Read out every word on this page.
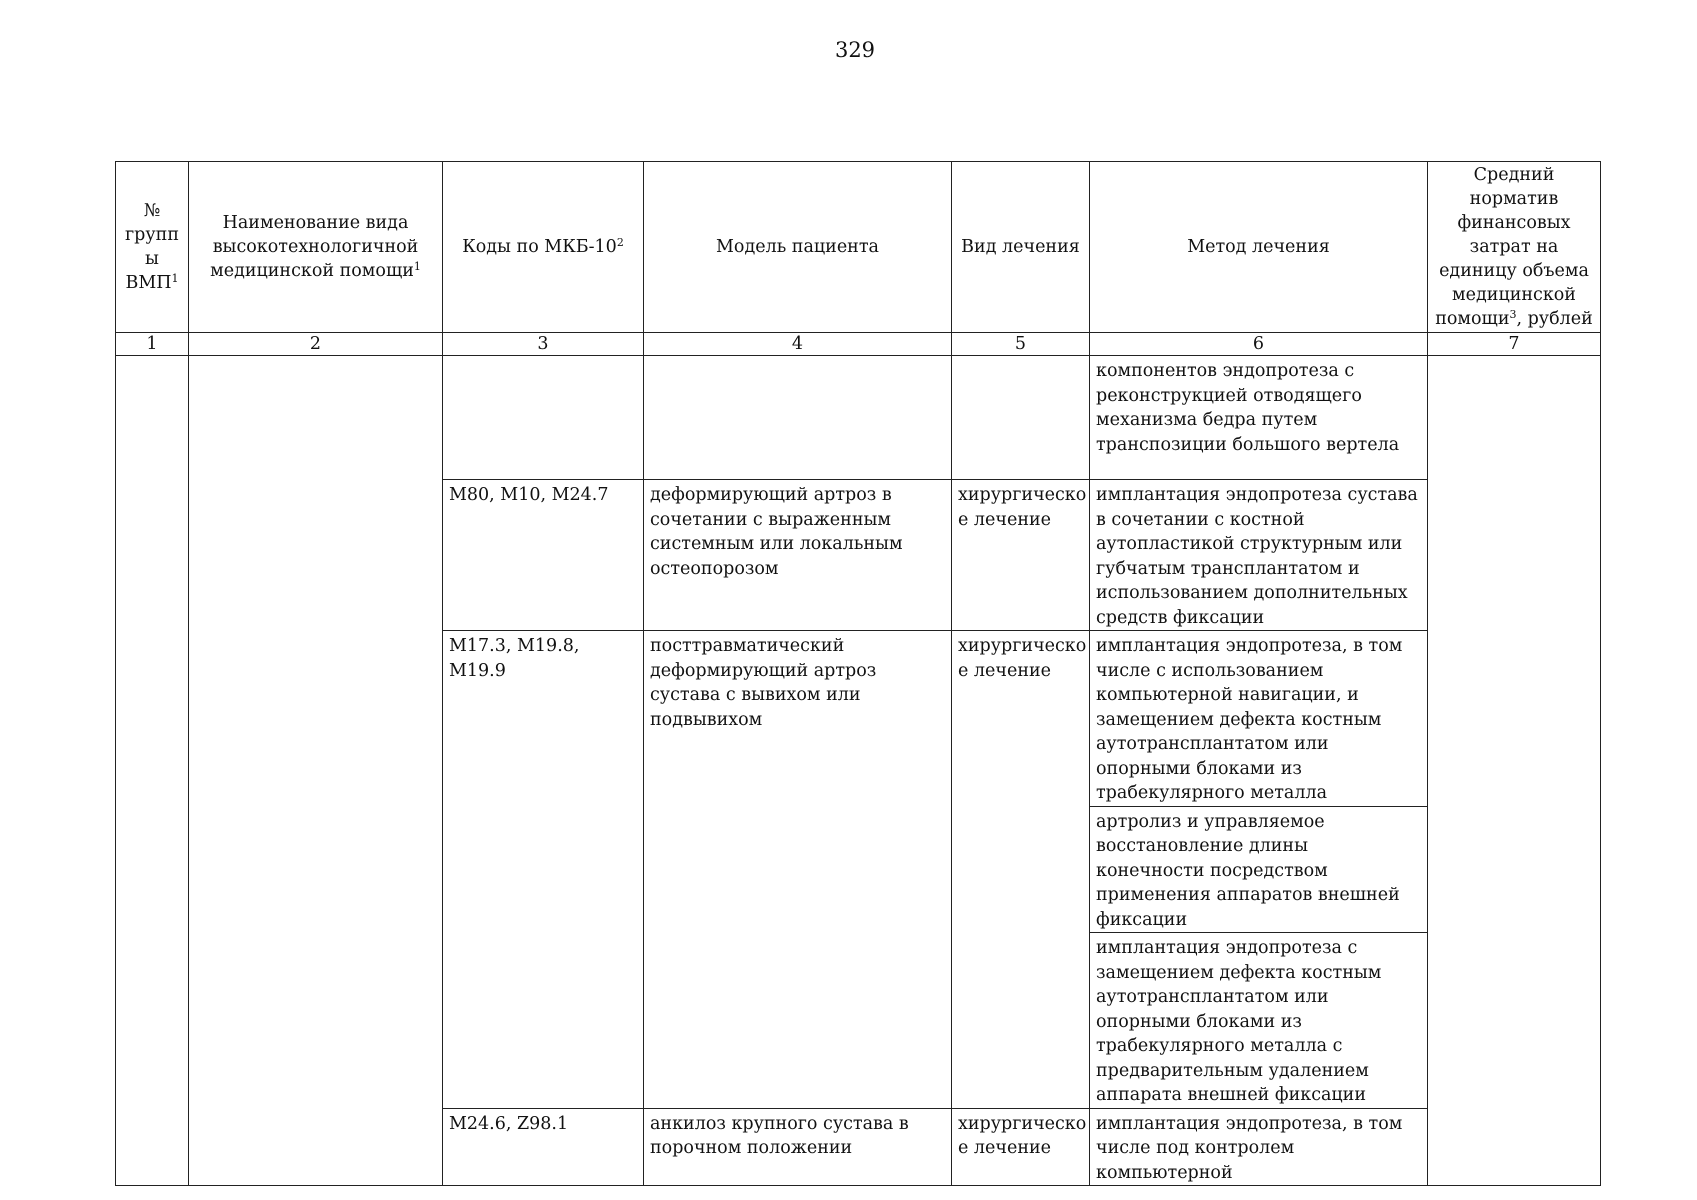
329
№ групп ы ВМП$^1$	Наименование вида высокотехнологичной медицинской помощи$^1$	Коды по МКБ-$10^2$	Модель пациента	Вид лечения	Метод лечения	Средний норматив финансовых затрат на единицу объема медицинской помощи$^3$, рублей
1	2	3	4	5	6	7
					компонентов эндопротеза с реконструкцией отводящего механизма бедра путем транспозиции большого вертела	
		M80, M10, M24.7	деформирующий артроз в сочетании с выраженным системным или локальным остеопорозом	хирургическо е лечение	имплантация эндопротеза сустава в сочетании с костной аутопластикой структурным или губчатым трансплантатом и использованием дополнительных средств фиксации	
		M17.3, M19.8, M19.9	посттравматический деформирующий артроз сустава с вывихом или подвывихом	хирургическо е лечение	имплантация эндопротеза, в том числе с использованием компьютерной навигации, и замещением дефекта костным аутотрансплантатом или опорными блоками из трабекулярного металла	
					артролиз и управляемое восстановление длины конечности посредством применения аппаратов внешней фиксации	
					имплантация эндопротеза с замещением дефекта костным аутотрансплантатом или опорными блоками из трабекулярного металла с предварительным удалением аппарата внешней фиксации	
		M24.6, Z98.1	анкилоз крупного сустава в порочном положении	хирургическо е лечение	имплантация эндопротеза, в том числе под контролем компьютерной	
